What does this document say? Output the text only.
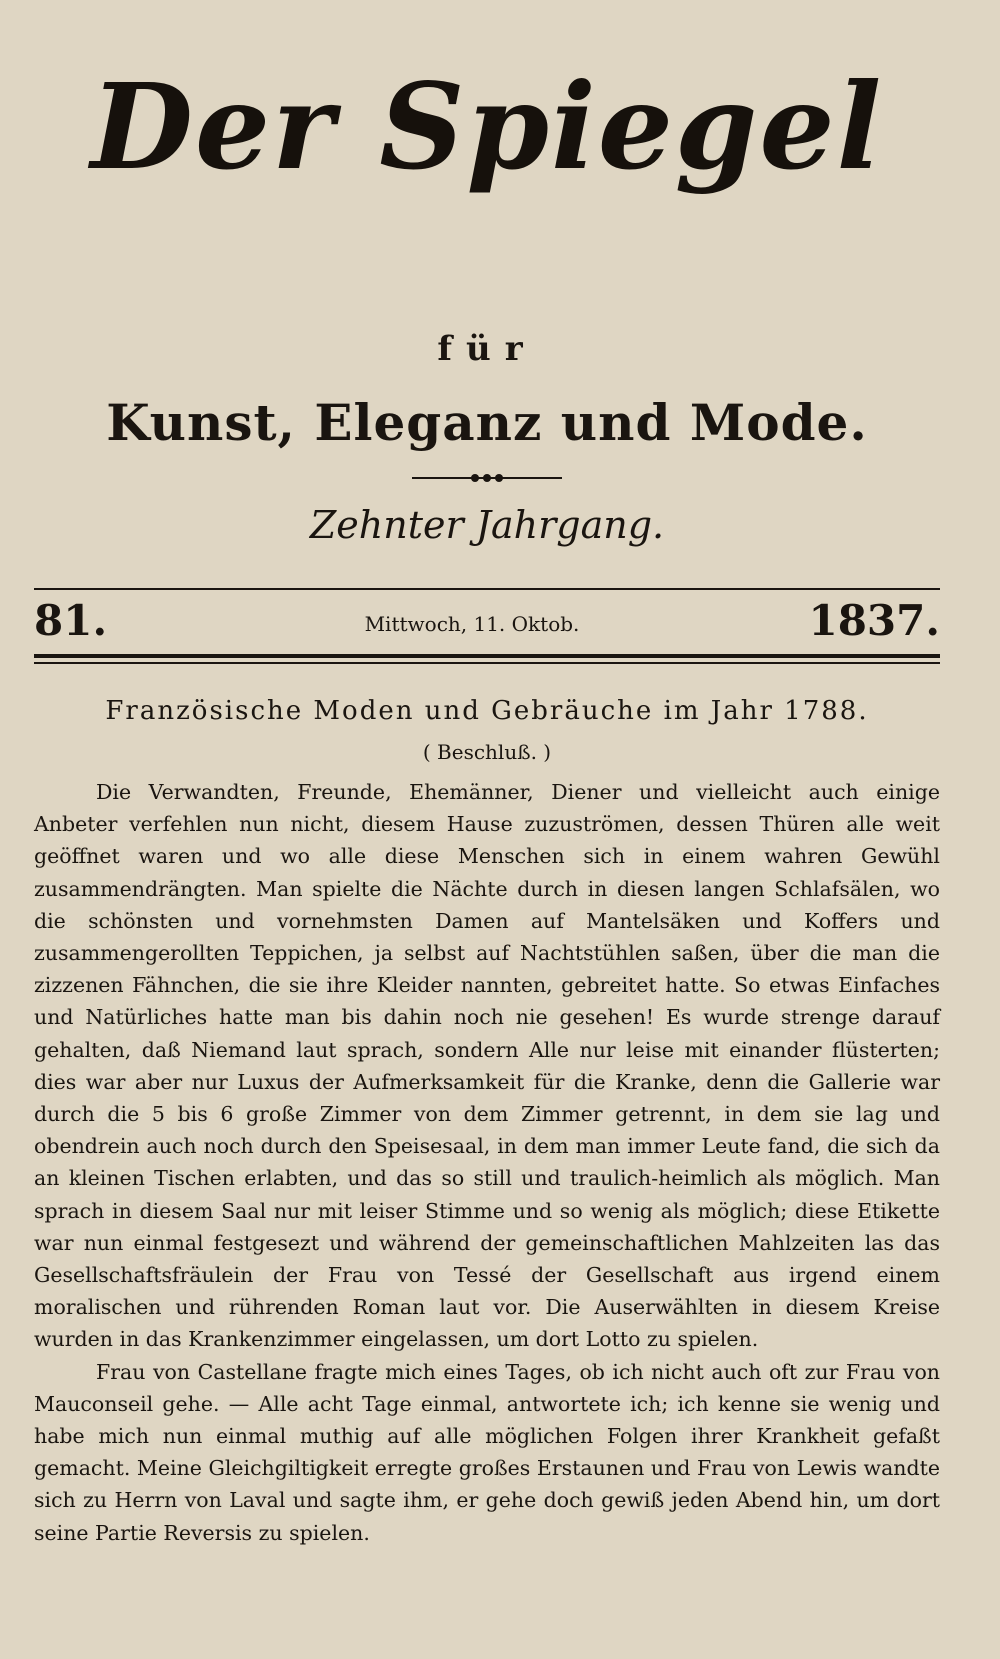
Der Spiegel
für
Kunst, Eleganz und Mode.
Zehnter Jahrgang.
81.	Mittwoch, 11. Oktob.	1837.
Französische Moden und Gebräuche im Jahr 1788.
( Beschluß. )

Die Verwandten, Freunde, Ehemänner, Diener und vielleicht auch einige Anbeter verfehlen nun nicht, diesem Hause zuzuströmen, dessen Thüren alle weit geöffnet waren und wo alle diese Menschen sich in einem wahren Gewühl zusammendrängten. Man spielte die Nächte durch in diesen langen Schlafsälen, wo die schönsten und vornehmsten Damen auf Mantelsäken und Koffers und zusammengerollten Teppichen, ja selbst auf Nachtstühlen saßen, über die man die zizzenen Fähnchen, die sie ihre Kleider nannten, gebreitet hatte. So etwas Einfaches und Natürliches hatte man bis dahin noch nie gesehen! Es wurde strenge darauf gehalten, daß Niemand laut sprach, sondern Alle nur leise mit einander flüsterten; dies war aber nur Luxus der Aufmerksamkeit für die Kranke, denn die Gallerie war durch die 5 bis 6 große Zimmer von dem Zimmer getrennt, in dem sie lag und obendrein auch noch durch den Speisesaal, in dem man immer Leute fand, die sich da an kleinen Tischen erlabten, und das so still und traulich-heimlich als möglich. Man sprach in diesem Saal nur mit leiser Stimme und so wenig als möglich; diese Etikette war nun einmal festgesezt und während der gemeinschaftlichen Mahlzeiten las das Gesellschaftsfräulein der Frau von Tessé der Gesellschaft aus irgend einem moralischen und rührenden Roman laut vor. Die Auserwählten in diesem Kreise wurden in das Krankenzimmer eingelassen, um dort Lotto zu spielen.

Frau von Castellane fragte mich eines Tages, ob ich nicht auch oft zur Frau von Mauconseil gehe. — Alle acht Tage einmal, antwortete ich; ich kenne sie wenig und habe mich nun einmal muthig auf alle möglichen Folgen ihrer Krankheit gefaßt gemacht. Meine Gleichgiltigkeit erregte großes Erstaunen und Frau von Lewis wandte sich zu Herrn von Laval und sagte ihm, er gehe doch gewiß jeden Abend hin, um dort seine Partie Reversis zu spielen.
